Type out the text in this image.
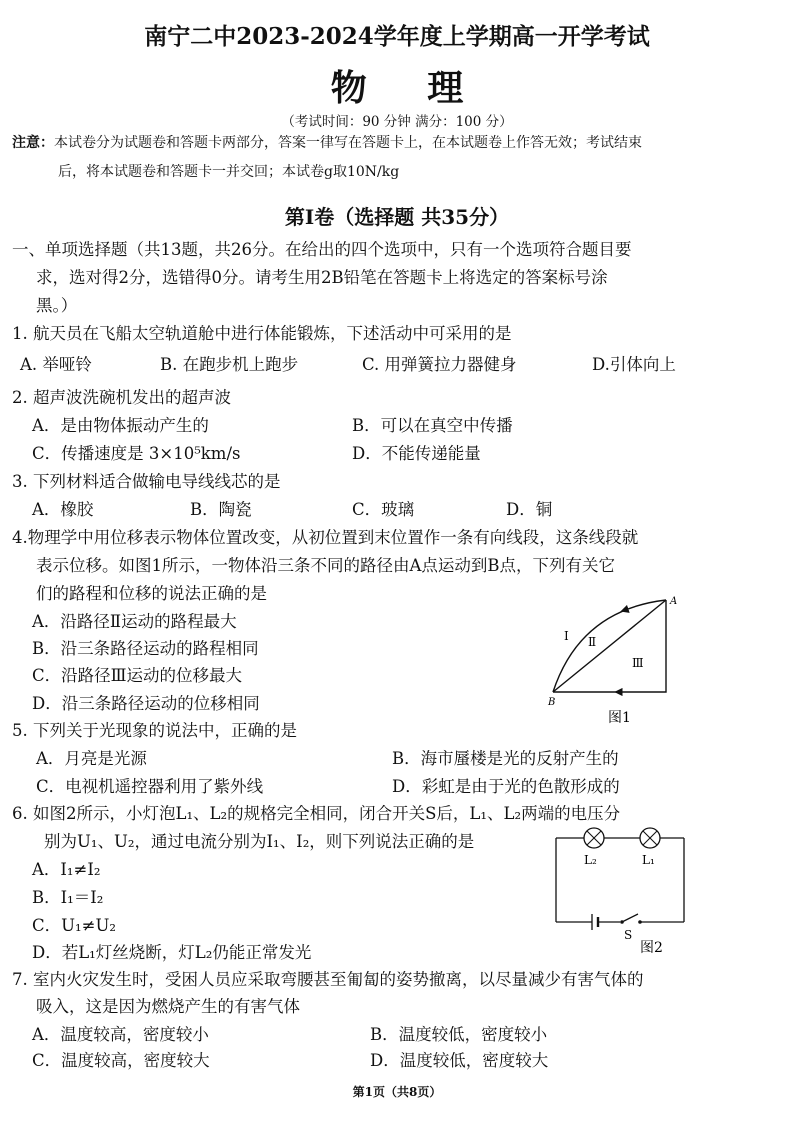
南宁二中2023-2024学年度上学期高一开学考试
物 理
（考试时间：90 分钟 满分：100 分）
注意：本试卷分为试题卷和答题卡两部分，答案一律写在答题卡上，在本试题卷上作答无效；考试结束
后，将本试题卷和答题卡一并交回；本试卷g取10N/kg
第Ⅰ卷（选择题 共35分）
一、单项选择题（共13题，共26分。在给出的四个选项中，只有一个选项符合题目要
求，选对得2分，选错得0分。请考生用2B铅笔在答题卡上将选定的答案标号涂
黑。）
1. 航天员在飞船太空轨道舱中进行体能锻炼，下述活动中可采用的是
A. 举哑铃	B. 在跑步机上跑步	C. 用弹簧拉力器健身	D.引体向上
2. 超声波洗碗机发出的超声波
A．是由物体振动产生的	B．可以在真空中传播
C．传播速度是 3×10⁵km/s	D．不能传递能量
3. 下列材料适合做输电导线线芯的是
A．橡胶	B．陶瓷	C．玻璃	D．铜
4.物理学中用位移表示物体位置改变，从初位置到末位置作一条有向线段，这条线段就
表示位移。如图1所示，一物体沿三条不同的路径由A点运动到B点，下列有关它
们的路程和位移的说法正确的是
A．沿路径Ⅱ运动的路程最大
B．沿三条路径运动的路程相同
C．沿路径Ⅲ运动的位移最大
D．沿三条路径运动的位移相同
A
B
I Ⅱ
Ⅲ
图1
5. 下列关于光现象的说法中，正确的是
A．月亮是光源	B．海市蜃楼是光的反射产生的
C．电视机遥控器利用了紫外线	D．彩虹是由于光的色散形成的
6. 如图2所示，小灯泡L₁、L₂的规格完全相同，闭合开关S后，L₁、L₂两端的电压分
别为U₁、U₂，通过电流分别为I₁、I₂，则下列说法正确的是
A．I₁≠I₂
B．I₁＝I₂
C．U₁≠U₂
D．若L₁灯丝烧断，灯L₂仍能正常发光
L₂	L₁
S
图2
7. 室内火灾发生时，受困人员应采取弯腰甚至匍匐的姿势撤离，以尽量减少有害气体的
吸入，这是因为燃烧产生的有害气体
A．温度较高，密度较小	B．温度较低，密度较小
C．温度较高，密度较大	D．温度较低，密度较大
第1页（共8页）
